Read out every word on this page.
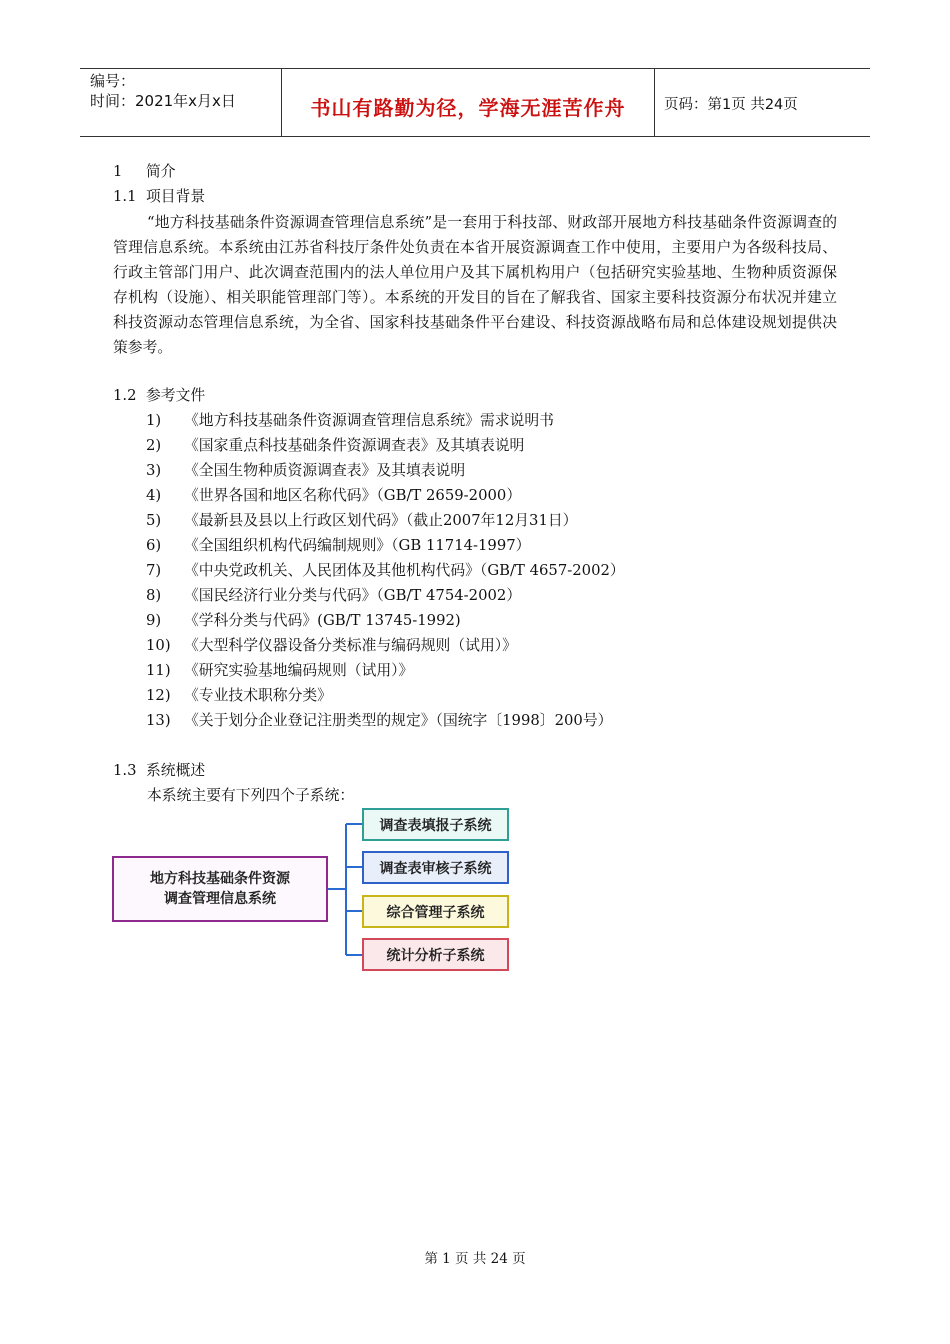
编号：
时间：2021年x月x日	书山有路勤为径，学海无涯苦作舟	页码：第1页 共24页
1 简介
1.1 项目背景

“地方科技基础条件资源调查管理信息系统”是一套用于科技部、财政部开展地方科技基础条件资源调查的管理信息系统。本系统由江苏省科技厅条件处负责在本省开展资源调查工作中使用，主要用户为各级科技局、行政主管部门用户、此次调查范围内的法人单位用户及其下属机构用户（包括研究实验基地、生物种质资源保存机构（设施）、相关职能管理部门等）。本系统的开发目的旨在了解我省、国家主要科技资源分布状况并建立科技资源动态管理信息系统，为全省、国家科技基础条件平台建设、科技资源战略布局和总体建设规划提供决策参考。

1.2 参考文件
1) 《地方科技基础条件资源调查管理信息系统》需求说明书
2) 《国家重点科技基础条件资源调查表》及其填表说明
3) 《全国生物种质资源调查表》及其填表说明
4) 《世界各国和地区名称代码》（GB/T 2659-2000）
5) 《最新县及县以上行政区划代码》（截止2007年12月31日）
6) 《全国组织机构代码编制规则》（GB 11714-1997）
7) 《中央党政机关、人民团体及其他机构代码》（GB/T 4657-2002）
8) 《国民经济行业分类与代码》（GB/T 4754-2002）
9) 《学科分类与代码》(GB/T 13745-1992)
10) 《大型科学仪器设备分类标准与编码规则（试用）》
11) 《研究实验基地编码规则（试用）》
12) 《专业技术职称分类》
13) 《关于划分企业登记注册类型的规定》（国统字〔1998〕200号）
1.3 系统概述
本系统主要有下列四个子系统：
地方科技基础条件资源
调查管理信息系统
调查表填报子系统
调查表审核子系统
综合管理子系统
统计分析子系统
第 1 页 共 24 页
